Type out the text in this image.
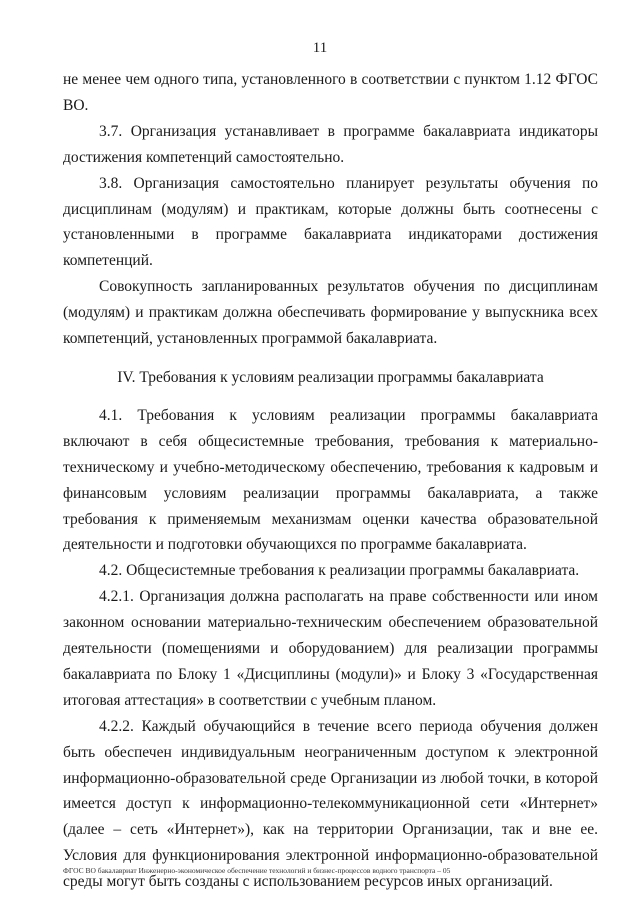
11

не менее чем одного типа, установленного в соответствии с пунктом 1.12 ФГОС ВО.

3.7. Организация устанавливает в программе бакалавриата индикаторы достижения компетенций самостоятельно.

3.8. Организация самостоятельно планирует результаты обучения по дисциплинам (модулям) и практикам, которые должны быть соотнесены с установленными в программе бакалавриата индикаторами достижения компетенций.

Совокупность запланированных результатов обучения по дисциплинам (модулям) и практикам должна обеспечивать формирование у выпускника всех компетенций, установленных программой бакалавриата.

IV. Требования к условиям реализации программы бакалавриата

4.1. Требования к условиям реализации программы бакалавриата включают в себя общесистемные требования, требования к материально-техническому и учебно-методическому обеспечению, требования к кадровым и финансовым условиям реализации программы бакалавриата, а также требования к применяемым механизмам оценки качества образовательной деятельности и подготовки обучающихся по программе бакалавриата.

4.2. Общесистемные требования к реализации программы бакалавриата.

4.2.1. Организация должна располагать на праве собственности или ином законном основании материально-техническим обеспечением образовательной деятельности (помещениями и оборудованием) для реализации программы бакалавриата по Блоку 1 «Дисциплины (модули)» и Блоку 3 «Государственная итоговая аттестация» в соответствии с учебным планом.

4.2.2. Каждый обучающийся в течение всего периода обучения должен быть обеспечен индивидуальным неограниченным доступом к электронной информационно-образовательной среде Организации из любой точки, в которой имеется доступ к информационно-телекоммуникационной сети «Интернет» (далее – сеть «Интернет»), как на территории Организации, так и вне ее. Условия для функционирования электронной информационно-образовательной среды могут быть созданы с использованием ресурсов иных организаций.

ФГОС ВО бакалавриат Инженерно-экономическое обеспечение технологий и бизнес-процессов водного транспорта – 05
